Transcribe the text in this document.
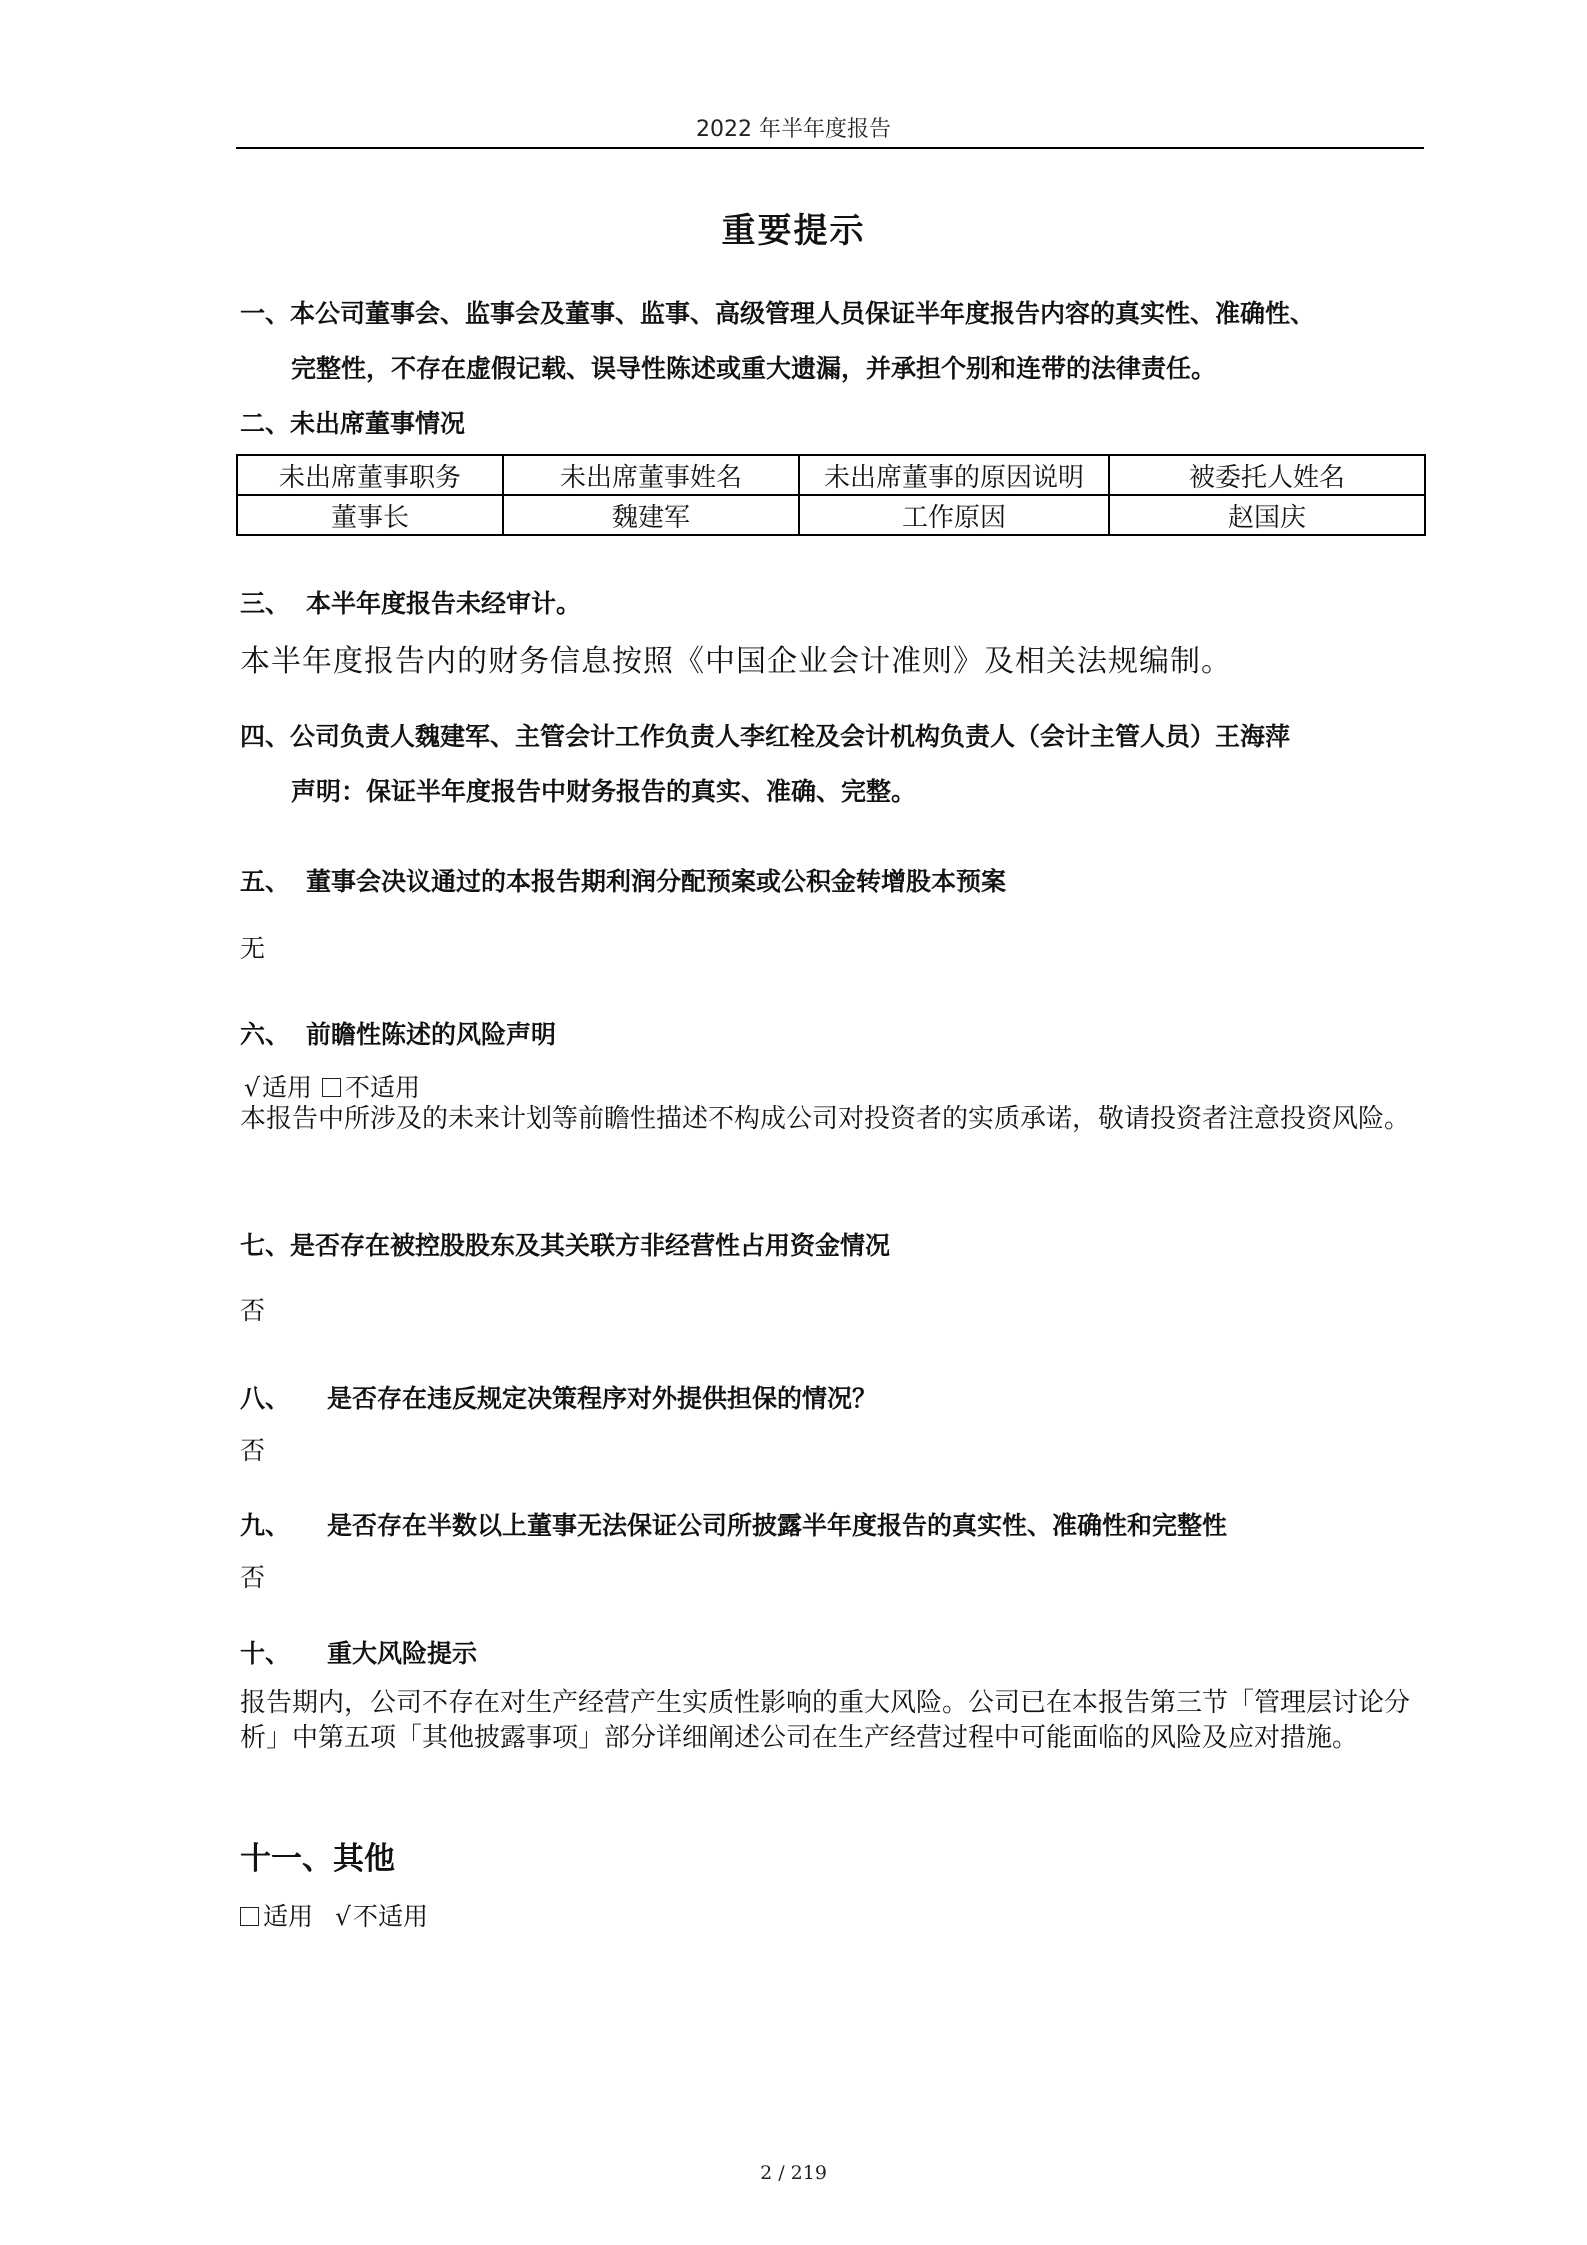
2022 年半年度报告
重要提示
一、本公司董事会、监事会及董事、监事、高级管理人员保证半年度报告内容的真实性、准确性、
完整性，不存在虚假记载、误导性陈述或重大遗漏，并承担个别和连带的法律责任。
二、未出席董事情况
未出席董事职务	未出席董事姓名	未出席董事的原因说明	被委托人姓名
董事长	魏建军	工作原因	赵国庆
三、 本半年度报告未经审计。
本半年度报告内的财务信息按照《中国企业会计准则》及相关法规编制。
四、公司负责人魏建军、主管会计工作负责人李红栓及会计机构负责人（会计主管人员）王海萍
声明：保证半年度报告中财务报告的真实、准确、完整。
五、 董事会决议通过的本报告期利润分配预案或公积金转增股本预案
无
六、 前瞻性陈述的风险声明
√适用 不适用
本报告中所涉及的未来计划等前瞻性描述不构成公司对投资者的实质承诺，敬请投资者注意投资风险。
七、是否存在被控股股东及其关联方非经营性占用资金情况
否
八、 是否存在违反规定决策程序对外提供担保的情况？
否
九、 是否存在半数以上董事无法保证公司所披露半年度报告的真实性、准确性和完整性
否
十、 重大风险提示
报告期内，公司不存在对生产经营产生实质性影响的重大风险。公司已在本报告第三节「管理层讨论分析」中第五项「其他披露事项」部分详细阐述公司在生产经营过程中可能面临的风险及应对措施。
十一、其他
适用 √不适用
2 / 219
